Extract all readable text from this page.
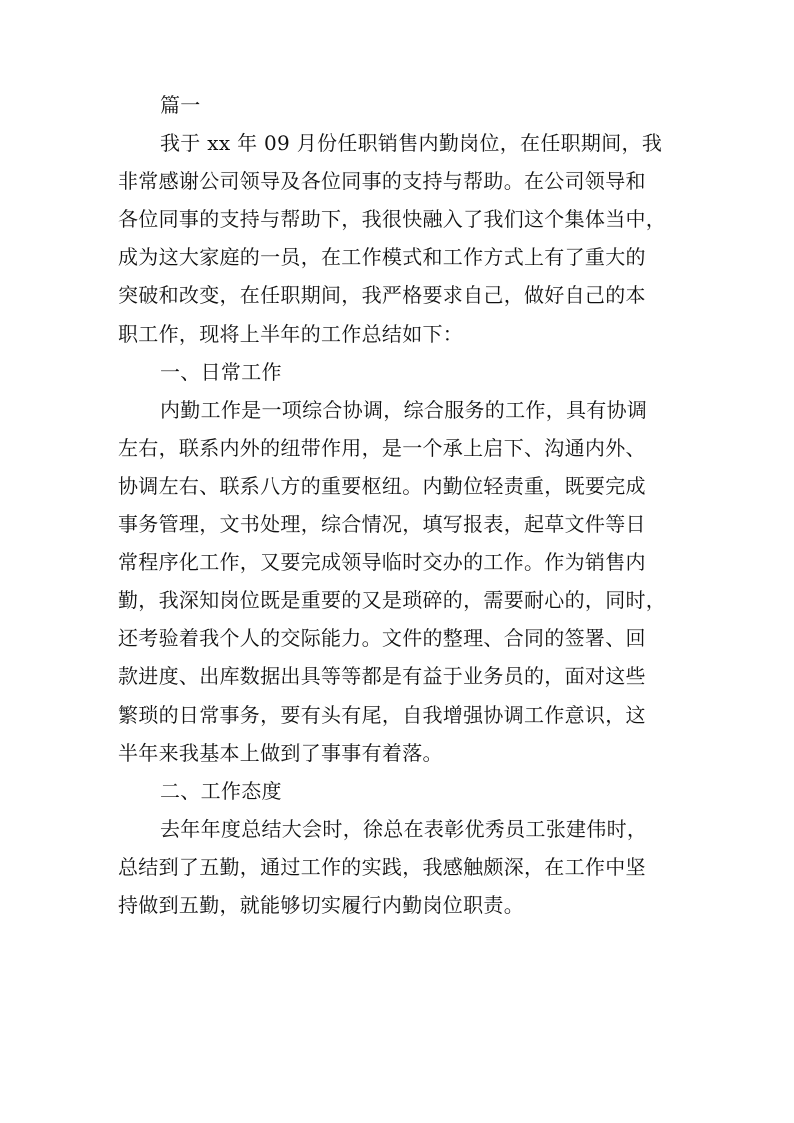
篇一
我于 xx 年 09 月份任职销售内勤岗位，在任职期间，我
非常感谢公司领导及各位同事的支持与帮助。在公司领导和
各位同事的支持与帮助下，我很快融入了我们这个集体当中，
成为这大家庭的一员，在工作模式和工作方式上有了重大的
突破和改变，在任职期间，我严格要求自己，做好自己的本
职工作，现将上半年的工作总结如下：
一、日常工作
内勤工作是一项综合协调，综合服务的工作，具有协调
左右，联系内外的纽带作用，是一个承上启下、沟通内外、
协调左右、联系八方的重要枢纽。内勤位轻责重，既要完成
事务管理，文书处理，综合情况，填写报表，起草文件等日
常程序化工作，又要完成领导临时交办的工作。作为销售内
勤，我深知岗位既是重要的又是琐碎的，需要耐心的，同时，
还考验着我个人的交际能力。文件的整理、合同的签署、回
款进度、出库数据出具等等都是有益于业务员的，面对这些
繁琐的日常事务，要有头有尾，自我增强协调工作意识，这
半年来我基本上做到了事事有着落。
二、工作态度
去年年度总结大会时，徐总在表彰优秀员工张建伟时，
总结到了五勤，通过工作的实践，我感触颇深，在工作中坚
持做到五勤，就能够切实履行内勤岗位职责。
